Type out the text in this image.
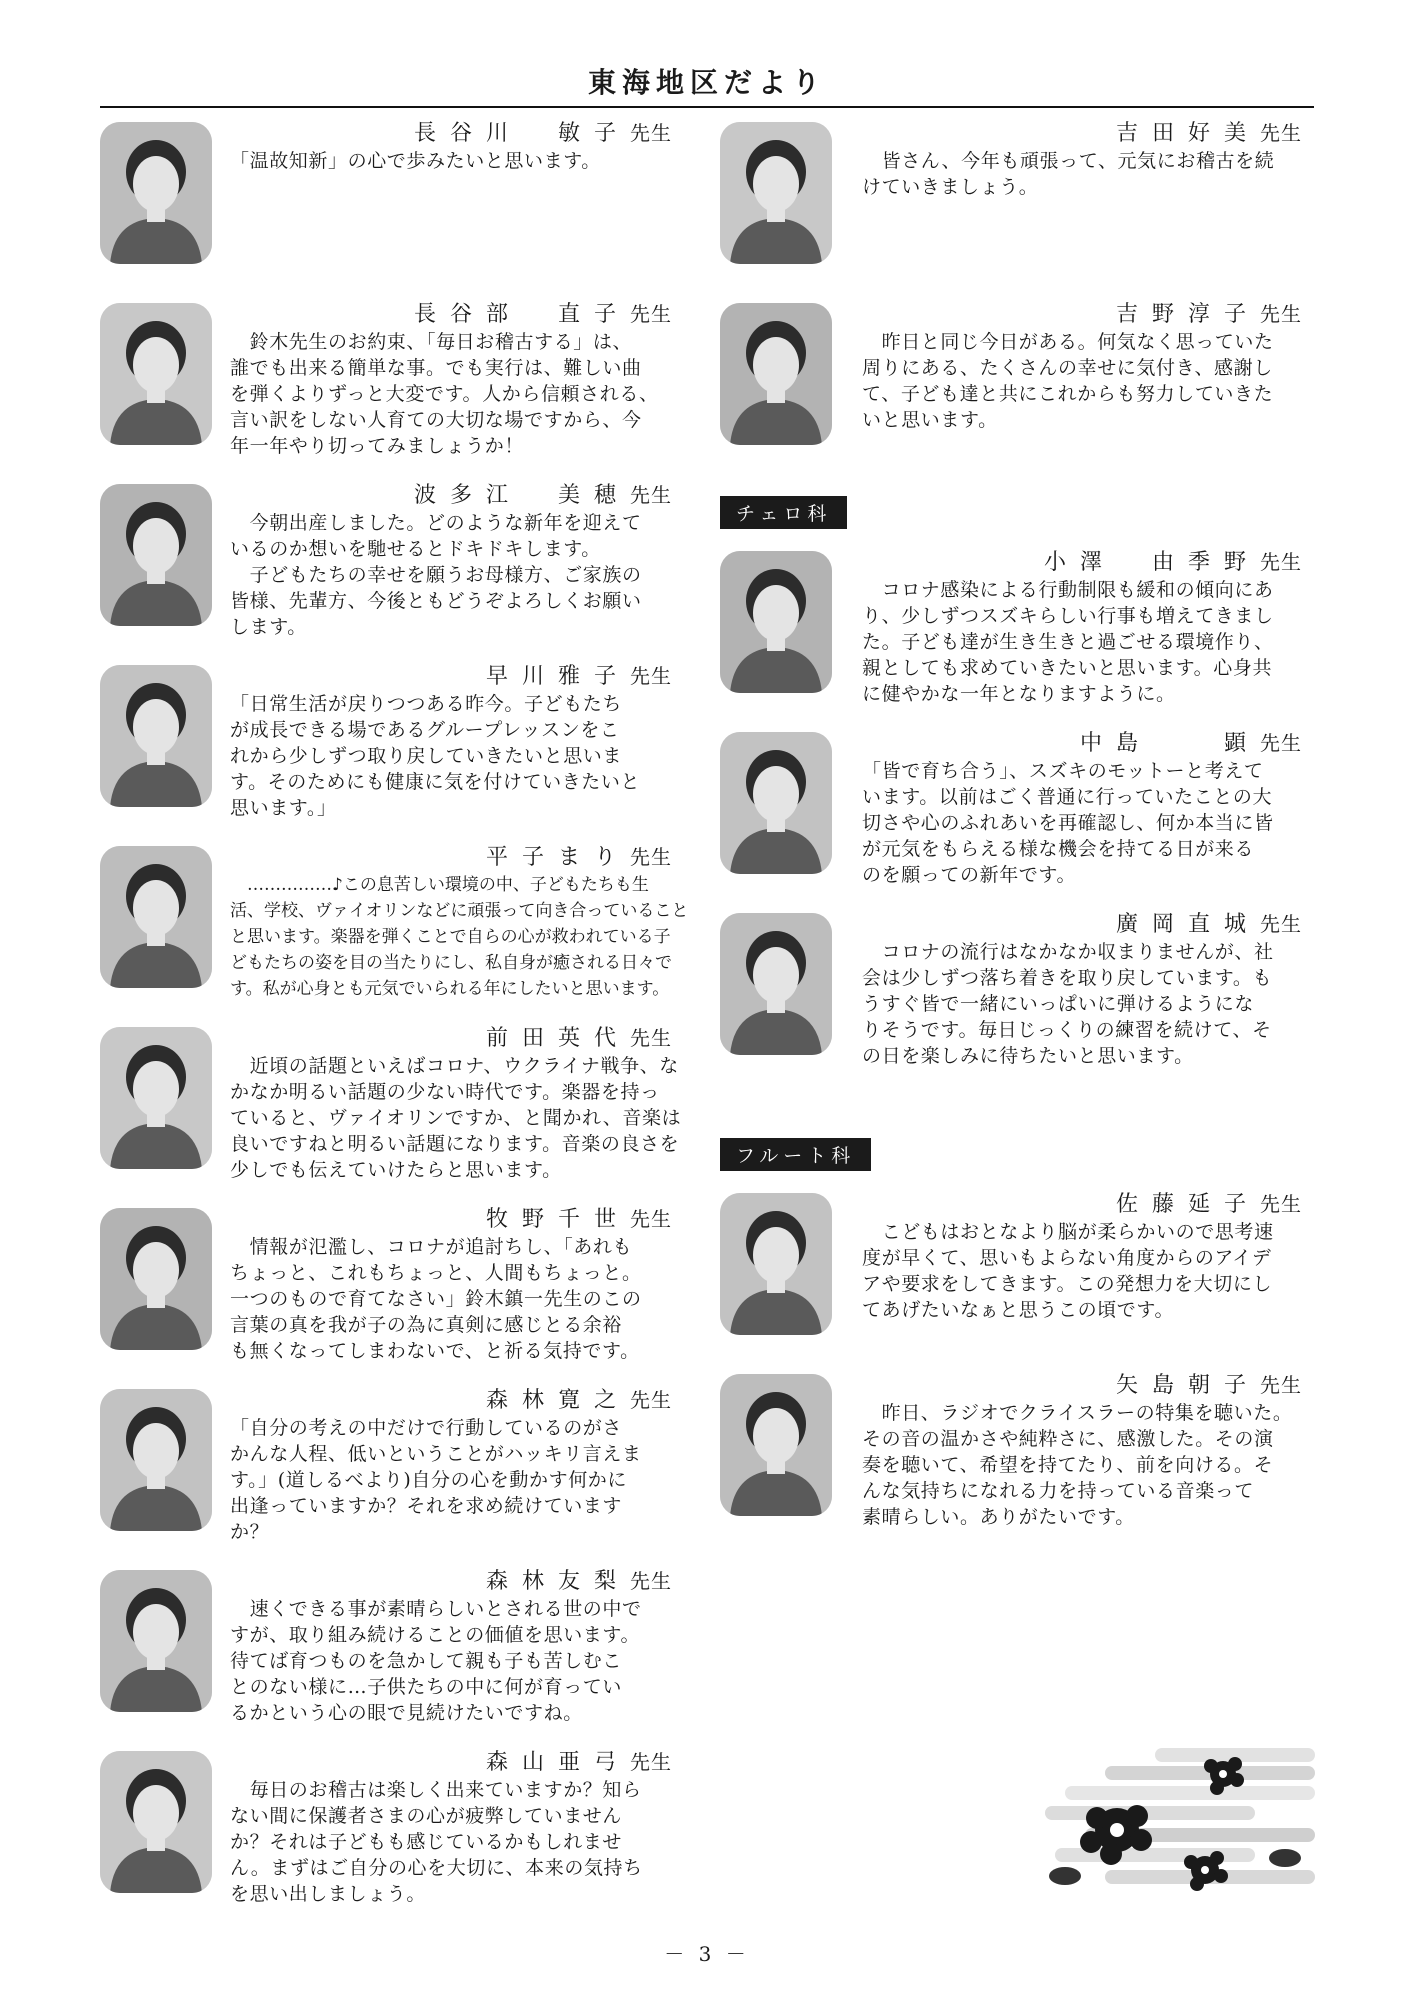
東海地区だより
長谷川　敏子先生
「温故知新」の心で歩みたいと思います。
長谷部　直子先生
　鈴木先生のお約束、「毎日お稽古する」は、
誰でも出来る簡単な事。でも実行は、難しい曲
を弾くよりずっと大変です。人から信頼される、
言い訳をしない人育ての大切な場ですから、今
年一年やり切ってみましょうか！
波多江　美穂先生
　今朝出産しました。どのような新年を迎えて
いるのか想いを馳せるとドキドキします。
　子どもたちの幸せを願うお母様方、ご家族の
皆様、先輩方、今後ともどうぞよろしくお願い
します。
早川雅子先生
「日常生活が戻りつつある昨今。子どもたち
が成長できる場であるグループレッスンをこ
れから少しずつ取り戻していきたいと思いま
す。そのためにも健康に気を付けていきたいと
思います。」
平子まり先生
　……………♪この息苦しい環境の中、子どもたちも生
活、学校、ヴァイオリンなどに頑張って向き合っていること
と思います。楽器を弾くことで自らの心が救われている子
どもたちの姿を目の当たりにし、私自身が癒される日々で
す。私が心身とも元気でいられる年にしたいと思います。
前田英代先生
　近頃の話題といえばコロナ、ウクライナ戦争、な
かなか明るい話題の少ない時代です。楽器を持っ
ていると、ヴァイオリンですか、と聞かれ、音楽は
良いですねと明るい話題になります。音楽の良さを
少しでも伝えていけたらと思います。
牧野千世先生
　情報が氾濫し、コロナが追討ちし、「あれも
ちょっと、これもちょっと、人間もちょっと。
一つのもので育てなさい」鈴木鎮一先生のこの
言葉の真を我が子の為に真剣に感じとる余裕
も無くなってしまわないで、と祈る気持です。
森林寛之先生
「自分の考えの中だけで行動しているのがさ
かんな人程、低いということがハッキリ言えま
す。」(道しるべより)自分の心を動かす何かに
出逢っていますか？それを求め続けています
か？
森林友梨先生
　速くできる事が素晴らしいとされる世の中で
すが、取り組み続けることの価値を思います。
待てば育つものを急かして親も子も苦しむこ
とのない様に…子供たちの中に何が育ってい
るかという心の眼で見続けたいですね。
森山亜弓先生
　毎日のお稽古は楽しく出来ていますか？知ら
ない間に保護者さまの心が疲弊していません
か？それは子どもも感じているかもしれませ
ん。まずはご自分の心を大切に、本来の気持ち
を思い出しましょう。
吉田好美先生
　皆さん、今年も頑張って、元気にお稽古を続
けていきましょう。
吉野淳子先生
　昨日と同じ今日がある。何気なく思っていた
周りにある、たくさんの幸せに気付き、感謝し
て、子ども達と共にこれからも努力していきた
いと思います。
チェロ科
小澤　由季野先生
　コロナ感染による行動制限も緩和の傾向にあ
り、少しずつスズキらしい行事も増えてきまし
た。子ども達が生き生きと過ごせる環境作り、
親としても求めていきたいと思います。心身共
に健やかな一年となりますように。
中島　　顕先生
「皆で育ち合う」、スズキのモットーと考えて
います。以前はごく普通に行っていたことの大
切さや心のふれあいを再確認し、何か本当に皆
が元気をもらえる様な機会を持てる日が来る
のを願っての新年です。
廣岡直城先生
　コロナの流行はなかなか収まりませんが、社
会は少しずつ落ち着きを取り戻しています。も
うすぐ皆で一緒にいっぱいに弾けるようにな
りそうです。毎日じっくりの練習を続けて、そ
の日を楽しみに待ちたいと思います。
フルート科
佐藤延子先生
　こどもはおとなより脳が柔らかいので思考速
度が早くて、思いもよらない角度からのアイデ
アや要求をしてきます。この発想力を大切にし
てあげたいなぁと思うこの頃です。
矢島朝子先生
　昨日、ラジオでクライスラーの特集を聴いた。
その音の温かさや純粋さに、感激した。その演
奏を聴いて、希望を持てたり、前を向ける。そ
んな気持ちになれる力を持っている音楽って
素晴らしい。ありがたいです。
－ 3 －
